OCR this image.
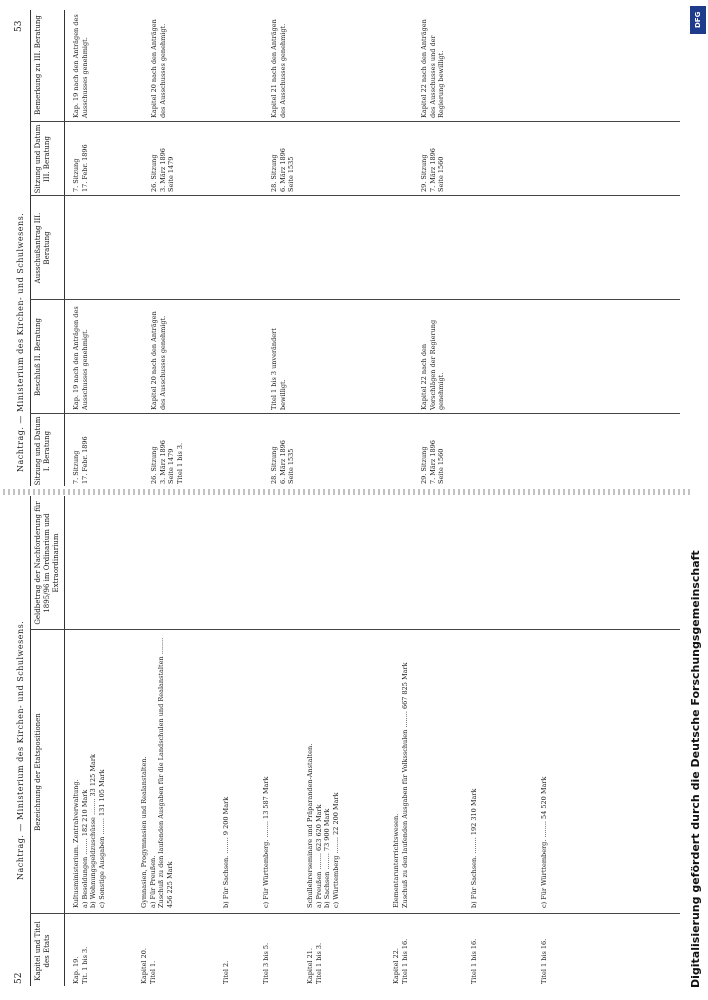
52
Nachtrag. — Ministerium des Kirchen- und Schulwesens.
Kapitel und Titel des Etats
Bezeichnung der Etatspositionen
Geldbetrag der Nachforderung für 1895/96 im Ordinarium und Extraordinarium
Kap. 19.
Tit. 1 bis 3.
Kultusministerium. Zentralverwaltung.
a) Besoldungen ........ 182 210 Mark
b) Wohnungsgeldzuschüsse ........ 33 125 Mark
c) Sonstige Ausgaben ........ 131 105 Mark
Kapitel 20.
Titel 1.
Gymnasien, Progymnasien und Realanstalten.
a) Für Preußen.
Zuschuß zu den laufenden Ausgaben für die Landschulen und Realanstalten ........ 456 225 Mark
Titel 2.
b) Für Sachsen. ........ 9 200 Mark
Titel 3 bis 5.
c) Für Württemberg. ........ 13 587 Mark
Kapitel 21.
Titel 1 bis 3.
Schullehrerseminare und Präparanden-Anstalten.
a) Preußen ........ 623 620 Mark
b) Sachsen ........ 73 900 Mark
c) Württemberg ........ 22 200 Mark
Kapitel 22.
Titel 1 bis 16.
Elementarunterrichtswesen.
Zuschuß zu den laufenden Ausgaben für Volksschulen ........ 667 825 Mark
Titel 1 bis 16.
b) Für Sachsen. ........ 192 310 Mark
Titel 1 bis 16.
c) Für Württemberg. ........ 54 520 Mark
Nachtrag. — Ministerium des Kirchen- und Schulwesens.
53
Sitzung und Datum I. Beratung
Beschluß II. Beratung
Ausschußantrag III. Beratung
Sitzung und Datum III. Beratung
Bemerkung zu III. Beratung
7. Sitzung
17. Febr. 1896
Kap. 19 nach den Anträgen des Ausschusses genehmigt.
7. Sitzung
17. Febr. 1896
Kap. 19 nach den Anträgen des Ausschusses genehmigt.
26. Sitzung
3. März 1896
Seite 1479
Titel 1 bis 3.
Kapitel 20 nach den Anträgen des Ausschusses genehmigt.
26. Sitzung
3. März 1896
Seite 1479
Kapitel 20 nach den Anträgen des Ausschusses genehmigt.
28. Sitzung
6. März 1896
Seite 1535
Titel 1 bis 3 unverändert bewilligt.
28. Sitzung
6. März 1896
Seite 1535
Kapitel 21 nach den Anträgen des Ausschusses genehmigt.
29. Sitzung
7. März 1896
Seite 1560
Kapitel 22 nach den Vorschlägen der Regierung genehmigt.
29. Sitzung
7. März 1896
Seite 1560
Kapitel 22 nach den Anträgen des Ausschusses und der Regierung bewilligt.
DFG
Digitalisierung gefördert durch die Deutsche Forschungsgemeinschaft
